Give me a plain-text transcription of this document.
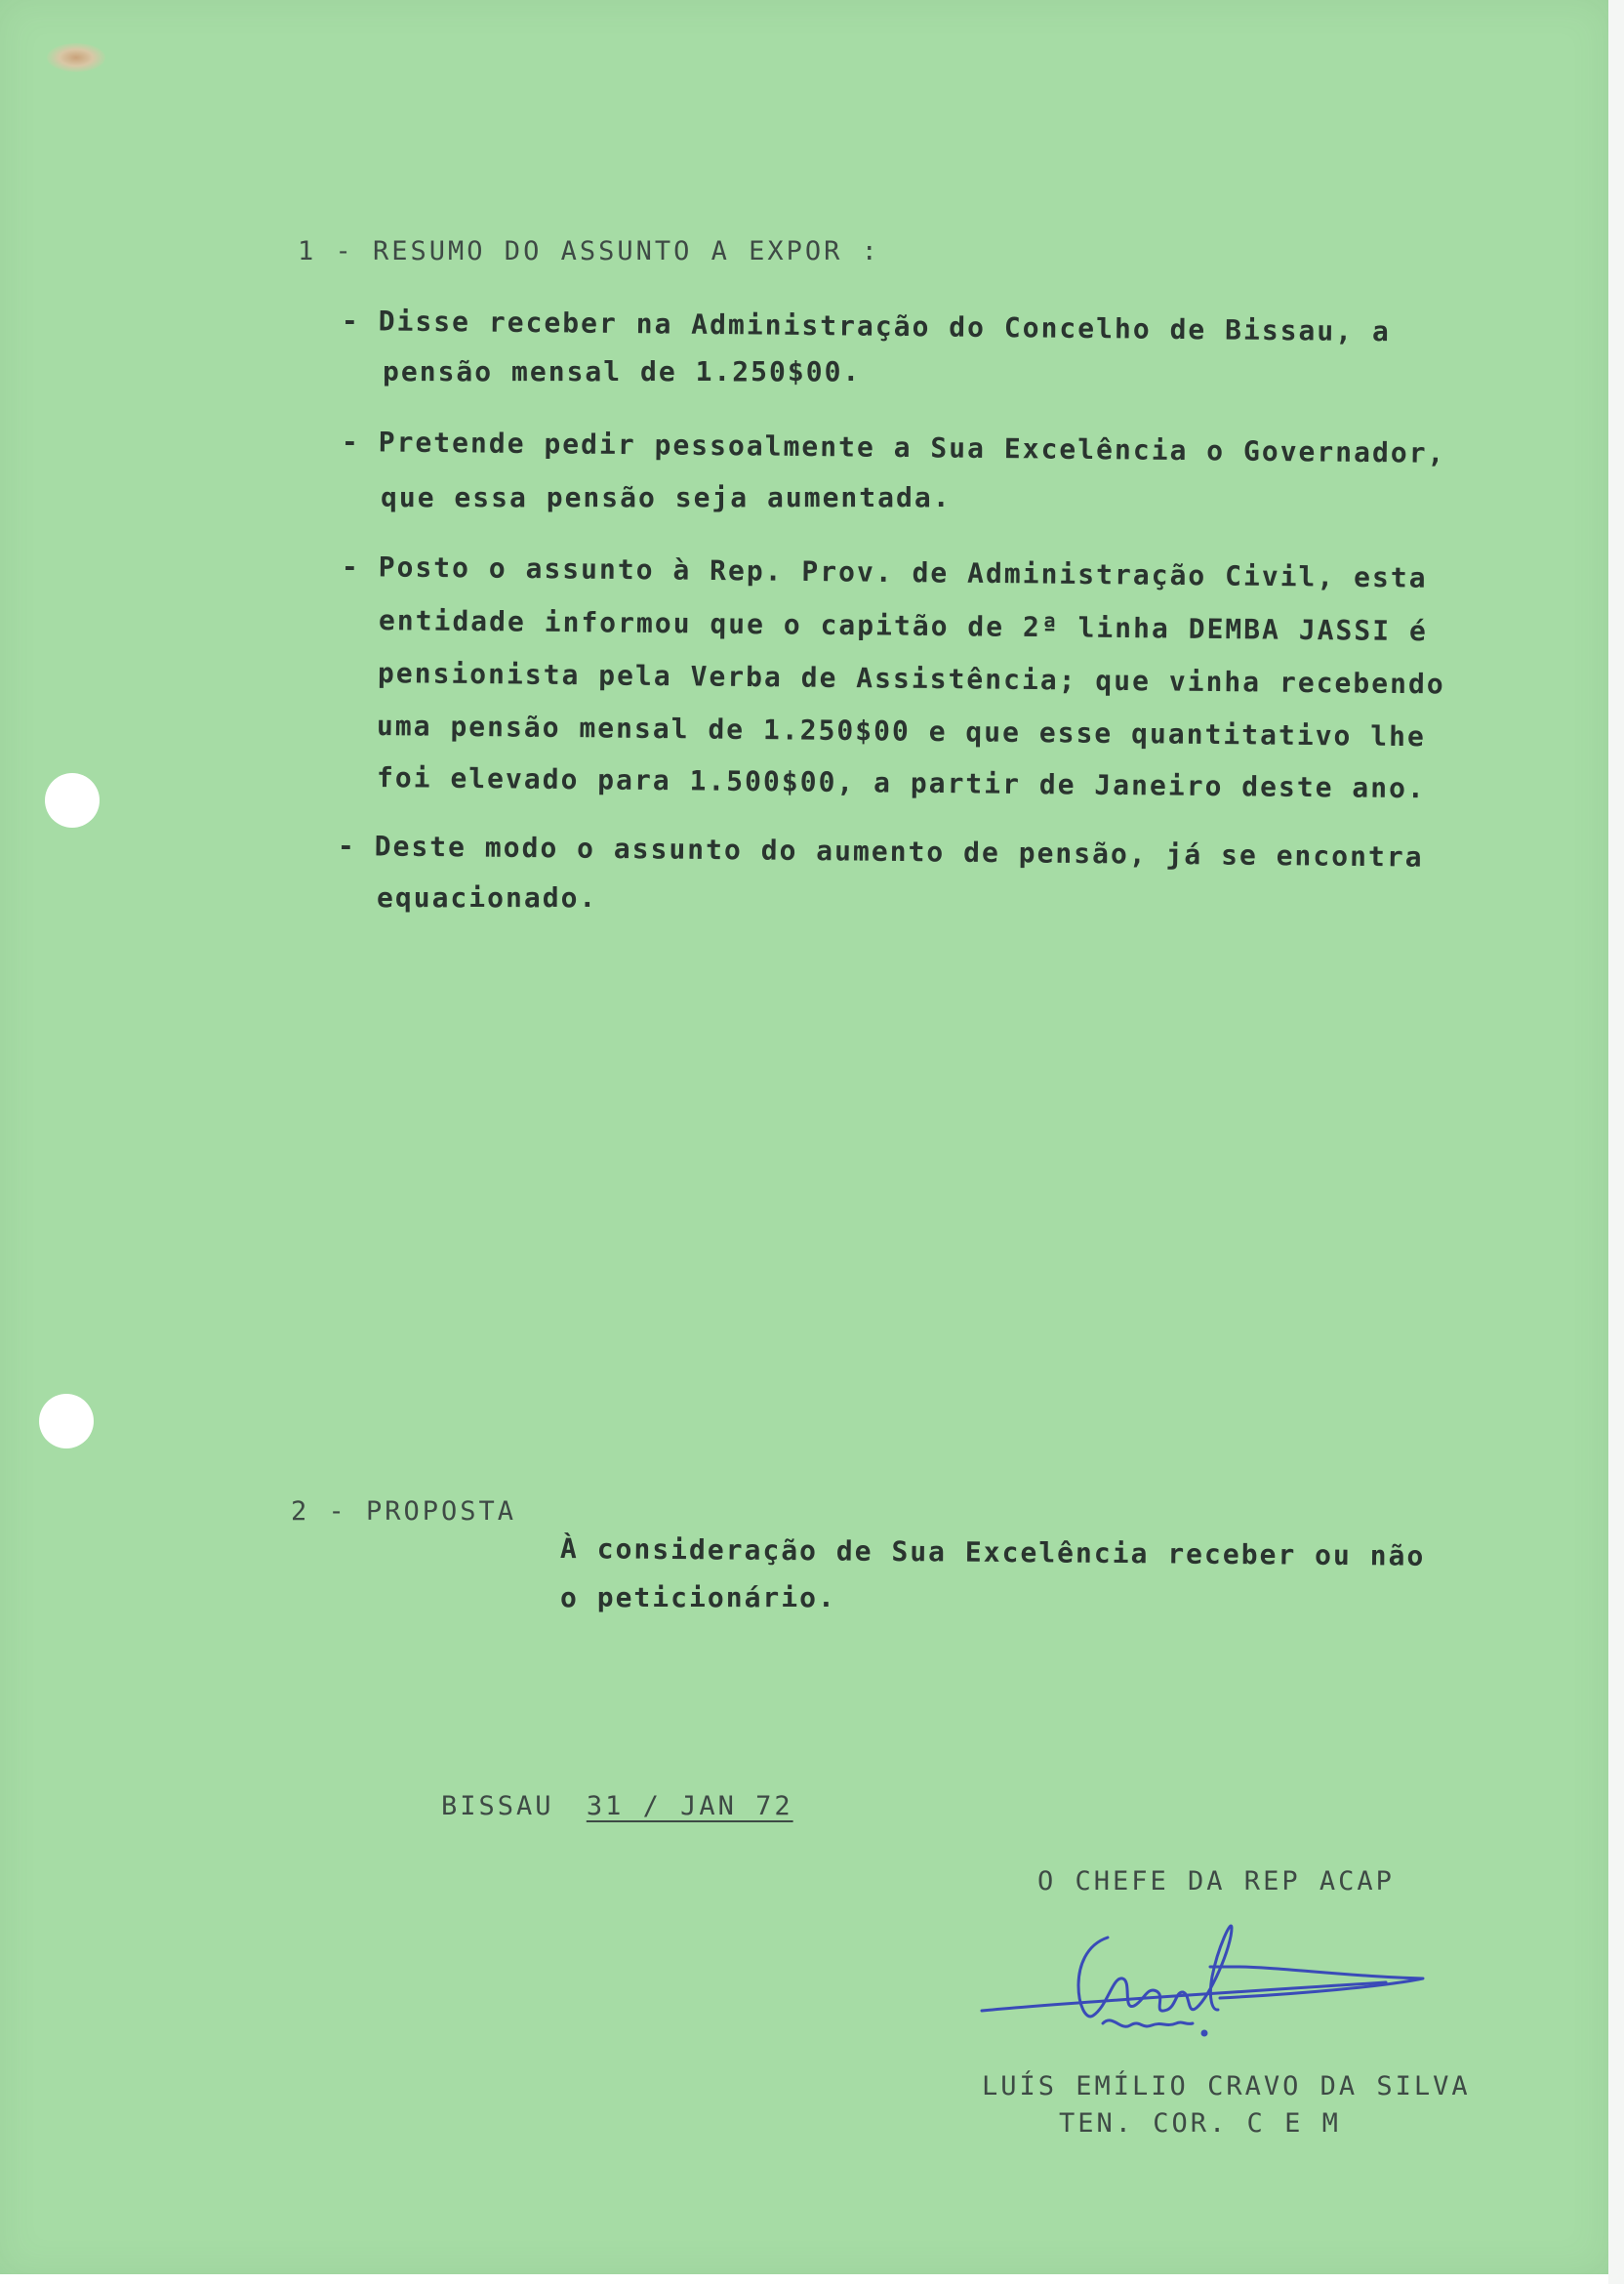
1 - RESUMO DO ASSUNTO A EXPOR :
- Disse receber na Administração do Concelho de Bissau, a
pensão mensal de 1.250$00.
- Pretende pedir pessoalmente a Sua Excelência o Governador,
que essa pensão seja aumentada.
- Posto o assunto à Rep. Prov. de Administração Civil, esta
entidade informou que o capitão de 2ª linha DEMBA JASSI é
pensionista pela Verba de Assistência; que vinha recebendo
uma pensão mensal de 1.250$00 e que esse quantitativo lhe
foi elevado para 1.500$00, a partir de Janeiro deste ano.
- Deste modo o assunto do aumento de pensão, já se encontra
equacionado.
2 - PROPOSTA
À consideração de Sua Excelência receber ou não
o peticionário.
BISSAU 31 / JAN 72
O CHEFE DA REP ACAP
LUÍS EMÍLIO CRAVO DA SILVA
TEN. COR. C E M
